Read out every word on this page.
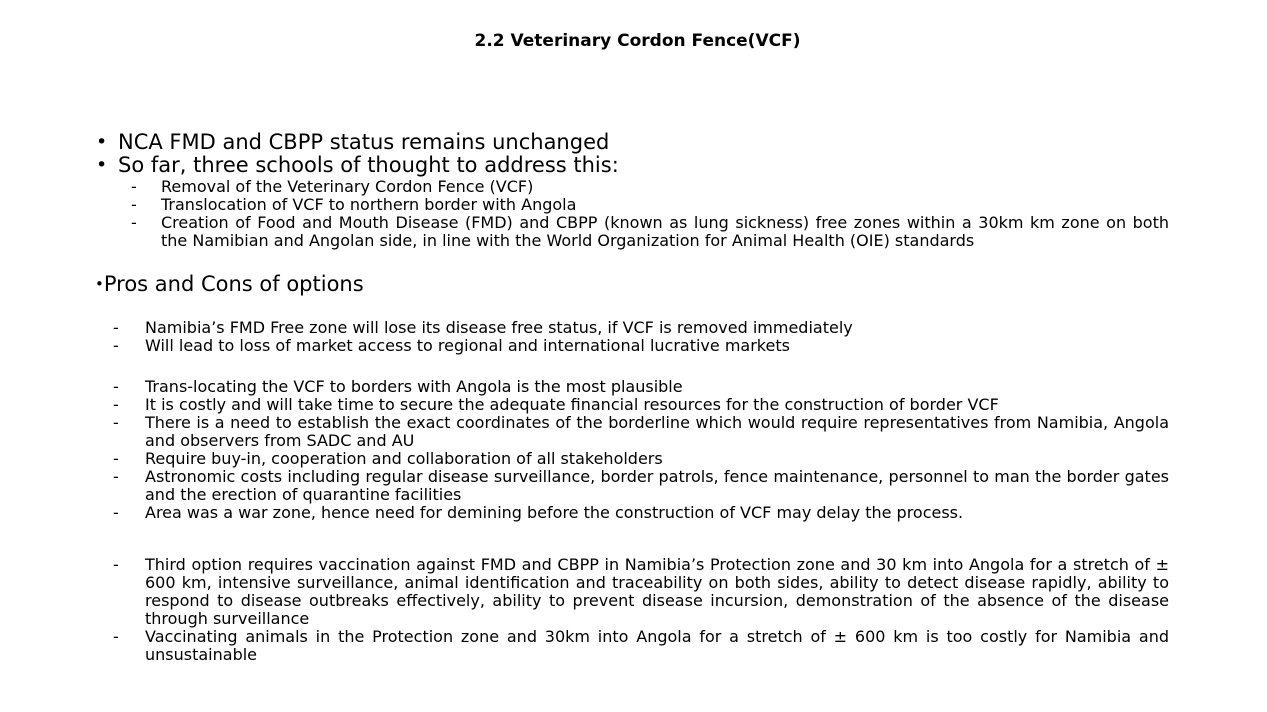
2.2 Veterinary Cordon Fence(VCF)
• NCA FMD and CBPP status remains unchanged
• So far, three schools of thought to address this:
- Removal of the Veterinary Cordon Fence (VCF)
- Translocation of VCF to northern border with Angola
- Creation of Food and Mouth Disease (FMD) and CBPP (known as lung sickness) free zones within a 30km km zone on both the Namibian and Angolan side, in line with the World Organization for Animal Health (OIE) standards

•Pros and Cons of options

- Namibia’s FMD Free zone will lose its disease free status, if VCF is removed immediately
- Will lead to loss of market access to regional and international lucrative markets
- Trans-locating the VCF to borders with Angola is the most plausible
- It is costly and will take time to secure the adequate financial resources for the construction of border VCF
- There is a need to establish the exact coordinates of the borderline which would require representatives from Namibia, Angola and observers from SADC and AU
- Require buy-in, cooperation and collaboration of all stakeholders
- Astronomic costs including regular disease surveillance, border patrols, fence maintenance, personnel to man the border gates and the erection of quarantine facilities
- Area was a war zone, hence need for demining before the construction of VCF may delay the process.
- Third option requires vaccination against FMD and CBPP in Namibia’s Protection zone and 30 km into Angola for a stretch of ± 600 km, intensive surveillance, animal identification and traceability on both sides, ability to detect disease rapidly, ability to respond to disease outbreaks effectively, ability to prevent disease incursion, demonstration of the absence of the disease through surveillance
- Vaccinating animals in the Protection zone and 30km into Angola for a stretch of ± 600 km is too costly for Namibia and unsustainable
